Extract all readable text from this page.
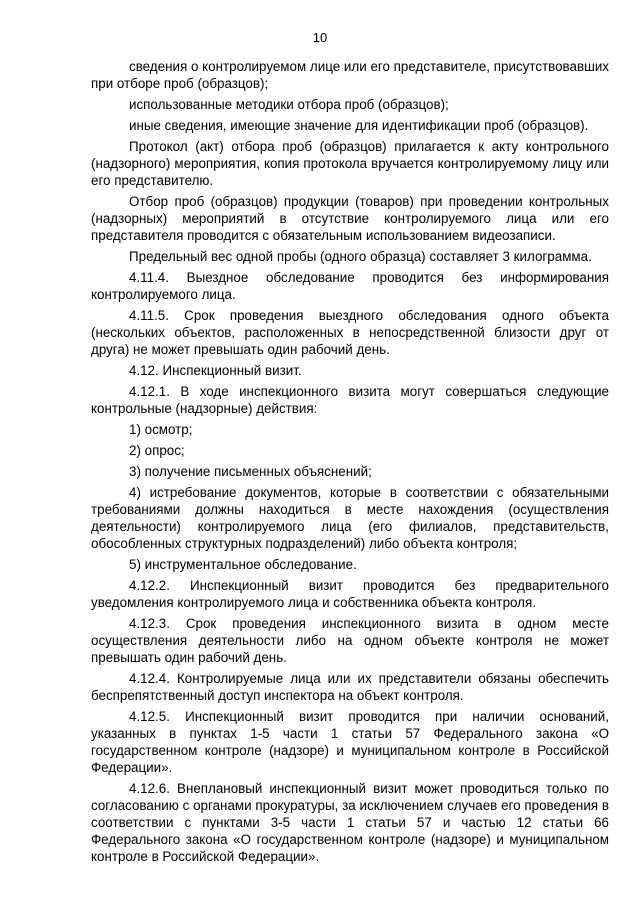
10

сведения о контролируемом лице или его представителе, присутствовавших при отборе проб (образцов);

использованные методики отбора проб (образцов);

иные сведения, имеющие значение для идентификации проб (образцов).

Протокол (акт) отбора проб (образцов) прилагается к акту контрольного (надзорного) мероприятия, копия протокола вручается контролируемому лицу или его представителю.

Отбор проб (образцов) продукции (товаров) при проведении контрольных (надзорных) мероприятий в отсутствие контролируемого лица или его представителя проводится с обязательным использованием видеозаписи.

Предельный вес одной пробы (одного образца) составляет 3 килограмма.

4.11.4. Выездное обследование проводится без информирования контролируемого лица.

4.11.5. Срок проведения выездного обследования одного объекта (нескольких объектов, расположенных в непосредственной близости друг от друга) не может превышать один рабочий день.

4.12. Инспекционный визит.

4.12.1. В ходе инспекционного визита могут совершаться следующие контрольные (надзорные) действия:

1) осмотр;

2) опрос;

3) получение письменных объяснений;

4) истребование документов, которые в соответствии с обязательными требованиями должны находиться в месте нахождения (осуществления деятельности) контролируемого лица (его филиалов, представительств, обособленных структурных подразделений) либо объекта контроля;

5) инструментальное обследование.

4.12.2. Инспекционный визит проводится без предварительного уведомления контролируемого лица и собственника объекта контроля.

4.12.3. Срок проведения инспекционного визита в одном месте осуществления деятельности либо на одном объекте контроля не может превышать один рабочий день.

4.12.4. Контролируемые лица или их представители обязаны обеспечить беспрепятственный доступ инспектора на объект контроля.

4.12.5. Инспекционный визит проводится при наличии оснований, указанных в пунктах 1-5 части 1 статьи 57 Федерального закона «О государственном контроле (надзоре) и муниципальном контроле в Российской Федерации».

4.12.6. Внеплановый инспекционный визит может проводиться только по согласованию с органами прокуратуры, за исключением случаев его проведения в соответствии с пунктами 3-5 части 1 статьи 57 и частью 12 статьи 66 Федерального закона «О государственном контроле (надзоре) и муниципальном контроле в Российской Федерации».
